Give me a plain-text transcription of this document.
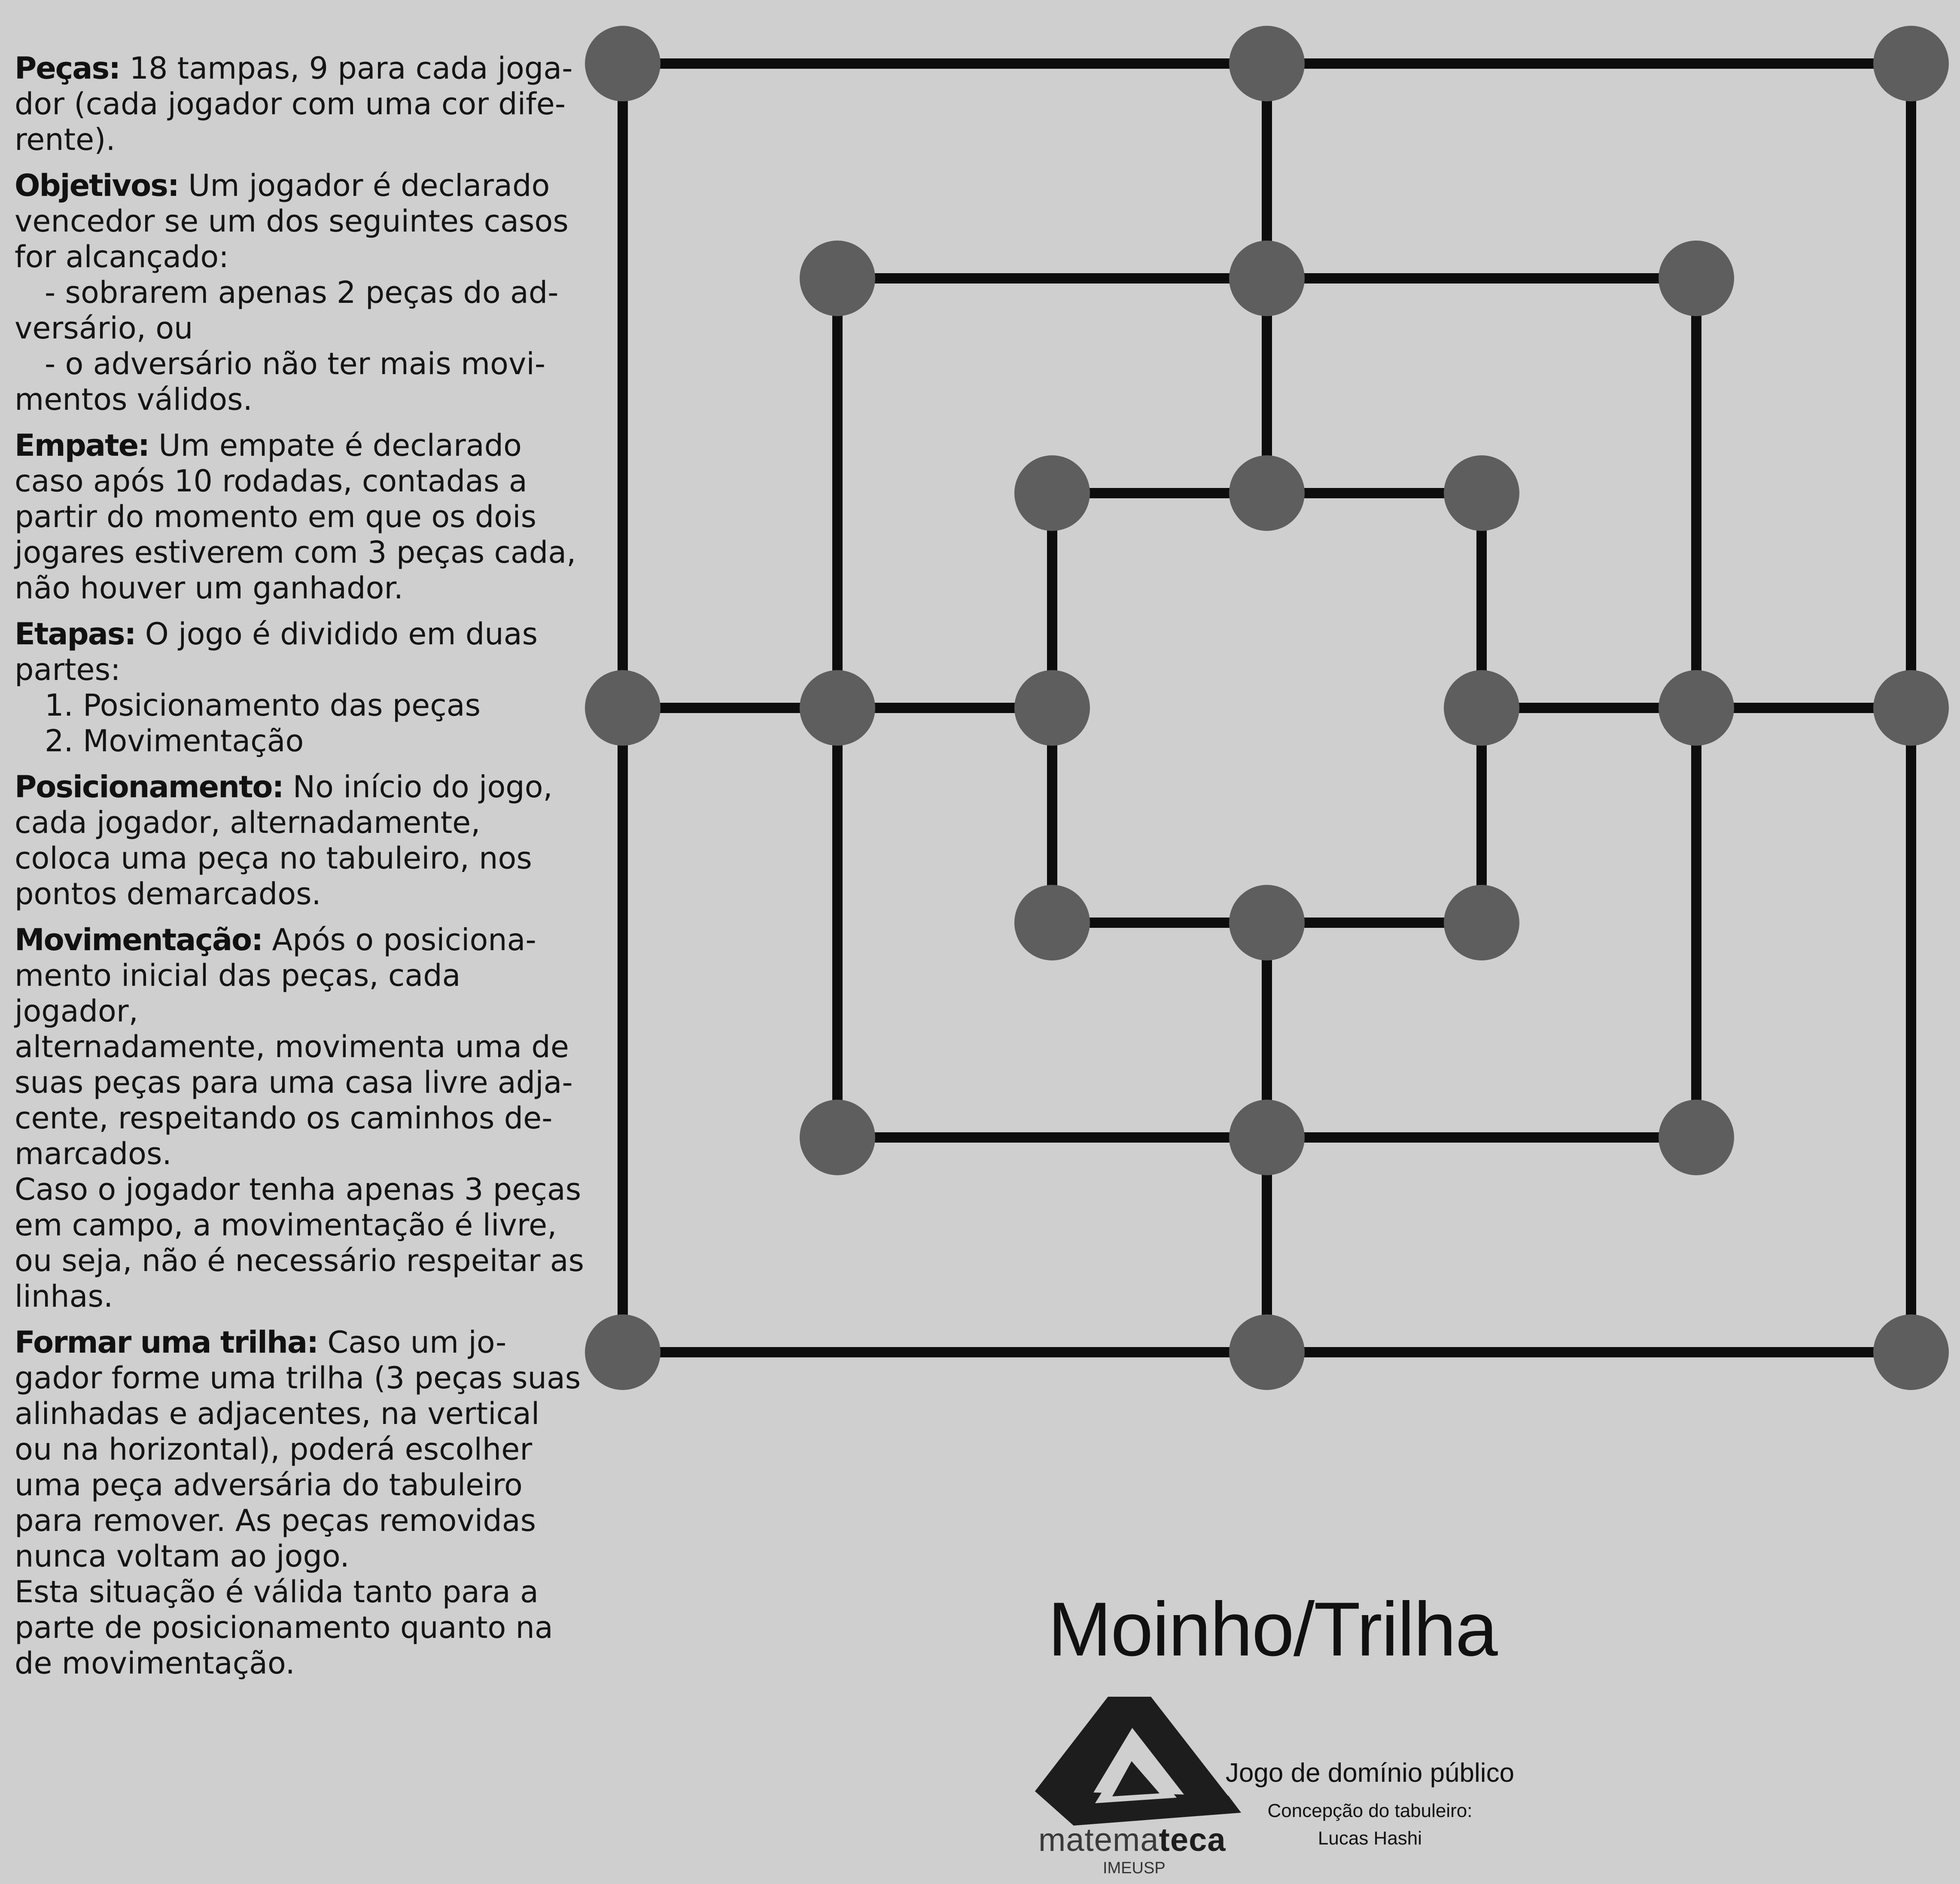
Peças: 18 tampas, 9 para cada joga-
dor (cada jogador com uma cor dife-
rente).
Objetivos: Um jogador é declarado
vencedor se um dos seguintes casos
for alcançado:
- sobrarem apenas 2 peças do ad-
versário, ou
- o adversário não ter mais movi-
mentos válidos.
Empate: Um empate é declarado
caso após 10 rodadas, contadas a
partir do momento em que os dois
jogares estiverem com 3 peças cada,
não houver um ganhador.
Etapas: O jogo é dividido em duas
partes:
1. Posicionamento das peças
2. Movimentação
Posicionamento: No início do jogo,
cada jogador, alternadamente,
coloca uma peça no tabuleiro, nos
pontos demarcados.
Movimentação: Após o posiciona-
mento inicial das peças, cada jogador,
alternadamente, movimenta uma de
suas peças para uma casa livre adja-
cente, respeitando os caminhos de-
marcados.
Caso o jogador tenha apenas 3 peças
em campo, a movimentação é livre,
ou seja, não é necessário respeitar as
linhas.
Formar uma trilha: Caso um jo-
gador forme uma trilha (3 peças suas
alinhadas e adjacentes, na vertical
ou na horizontal), poderá escolher
uma peça adversária do tabuleiro
para remover. As peças removidas
nunca voltam ao jogo.
Esta situação é válida tanto para a
parte de posicionamento quanto na
de movimentação.	Moinho/Trilha
matemateca
IMEUSP
Jogo de domínio público
Concepção do tabuleiro:
Lucas Hashi
